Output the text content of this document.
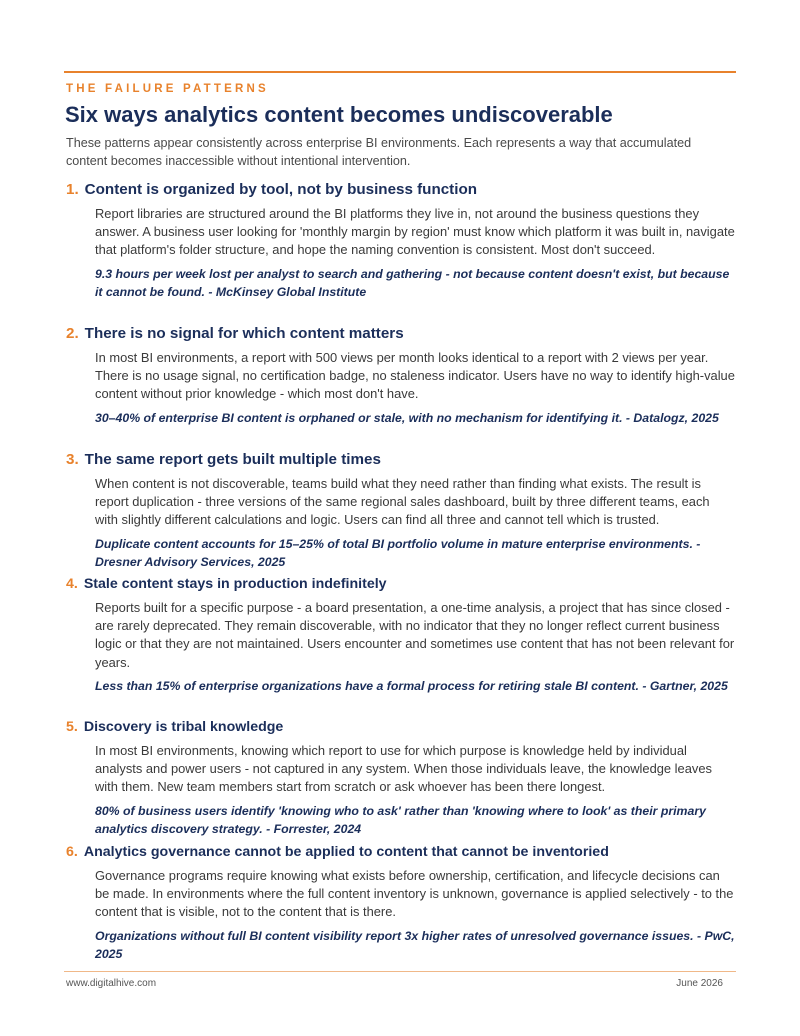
THE FAILURE PATTERNS
Six ways analytics content becomes undiscoverable

These patterns appear consistently across enterprise BI environments. Each represents a way that accumulated content becomes inaccessible without intentional intervention.

1. Content is organized by tool, not by business function

Report libraries are structured around the BI platforms they live in, not around the business questions they answer. A business user looking for 'monthly margin by region' must know which platform it was built in, navigate that platform's folder structure, and hope the naming convention is consistent. Most don't succeed.

9.3 hours per week lost per analyst to search and gathering - not because content doesn't exist, but because it cannot be found. - McKinsey Global Institute

2. There is no signal for which content matters

In most BI environments, a report with 500 views per month looks identical to a report with 2 views per year. There is no usage signal, no certification badge, no staleness indicator. Users have no way to identify high-value content without prior knowledge - which most don't have.

30–40% of enterprise BI content is orphaned or stale, with no mechanism for identifying it. - Datalogz, 2025

3. The same report gets built multiple times

When content is not discoverable, teams build what they need rather than finding what exists. The result is report duplication - three versions of the same regional sales dashboard, built by three different teams, each with slightly different calculations and logic. Users can find all three and cannot tell which is trusted.

Duplicate content accounts for 15–25% of total BI portfolio volume in mature enterprise environments. - Dresner Advisory Services, 2025

4. Stale content stays in production indefinitely

Reports built for a specific purpose - a board presentation, a one-time analysis, a project that has since closed - are rarely deprecated. They remain discoverable, with no indicator that they no longer reflect current business logic or that they are not maintained. Users encounter and sometimes use content that has not been relevant for years.

Less than 15% of enterprise organizations have a formal process for retiring stale BI content. - Gartner, 2025

5. Discovery is tribal knowledge

In most BI environments, knowing which report to use for which purpose is knowledge held by individual analysts and power users - not captured in any system. When those individuals leave, the knowledge leaves with them. New team members start from scratch or ask whoever has been there longest.

80% of business users identify 'knowing who to ask' rather than 'knowing where to look' as their primary analytics discovery strategy. - Forrester, 2024

6. Analytics governance cannot be applied to content that cannot be inventoried

Governance programs require knowing what exists before ownership, certification, and lifecycle decisions can be made. In environments where the full content inventory is unknown, governance is applied selectively - to the content that is visible, not to the content that is there.

Organizations without full BI content visibility report 3x higher rates of unresolved governance issues. - PwC, 2025

www.digitalhive.com	June 2026
